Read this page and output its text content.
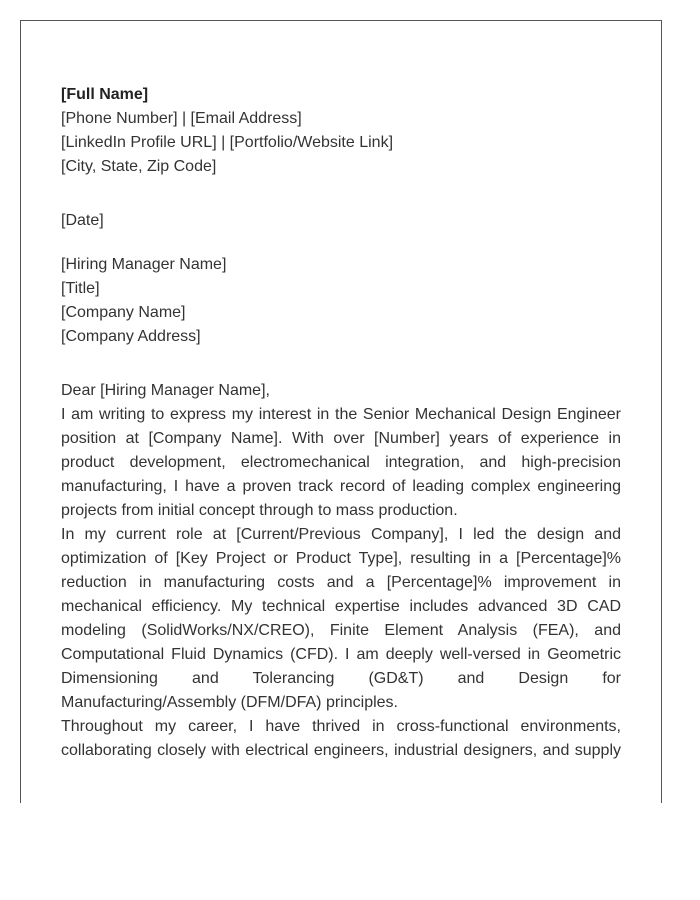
[Full Name]
[Phone Number] | [Email Address]
[LinkedIn Profile URL] | [Portfolio/Website Link]
[City, State, Zip Code]
[Date]
[Hiring Manager Name]
[Title]
[Company Name]
[Company Address]
Dear [Hiring Manager Name],

I am writing to express my interest in the Senior Mechanical Design Engineer position at [Company Name]. With over [Number] years of experience in product development, electromechanical integration, and high-precision manufacturing, I have a proven track record of leading complex engineering projects from initial concept through to mass production.

In my current role at [Current/Previous Company], I led the design and optimization of [Key Project or Product Type], resulting in a [Percentage]% reduction in manufacturing costs and a [Percentage]% improvement in mechanical efficiency. My technical expertise includes advanced 3D CAD modeling (SolidWorks/NX/CREO), Finite Element Analysis (FEA), and Computational Fluid Dynamics (CFD). I am deeply well-versed in Geometric Dimensioning and Tolerancing (GD&T) and Design for Manufacturing/Assembly (DFM/DFA) principles.

Throughout my career, I have thrived in cross-functional environments, collaborating closely with electrical engineers, industrial designers, and supply
